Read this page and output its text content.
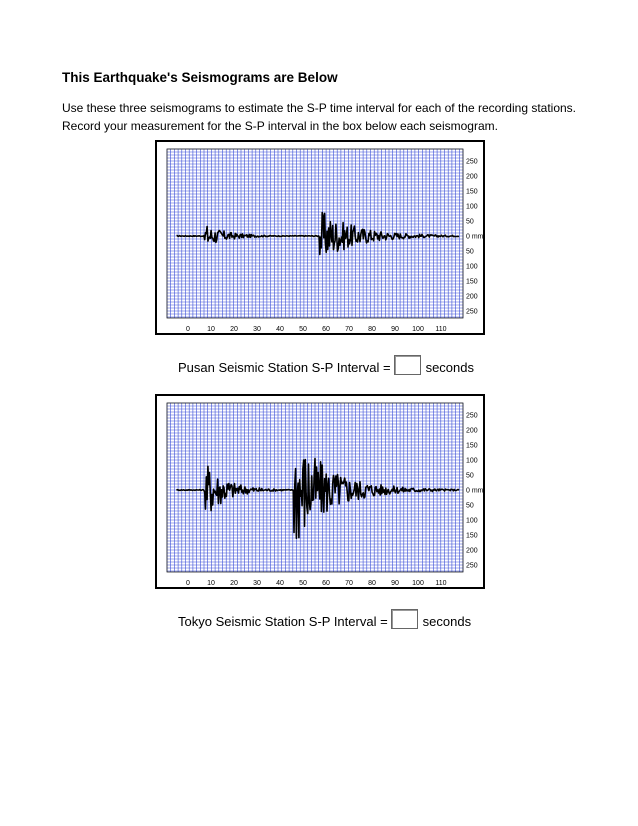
This Earthquake's Seismograms are Below

Use these three seismograms to estimate the S-P time interval for each of the recording stations.
Record your measurement for the S-P interval in the box below each seismogram.

0 10 20 30 40 50 60 70 80 90 100 110
250
200
150
100
50
0 mm
50
100
150
200
250
Pusan Seismic Station S-P Interval =	seconds
0 10 20 30 40 50 60 70 80 90 100 110
250
200
150
100
50
0 mm
50
100
150
200
250
Tokyo Seismic Station S-P Interval =	seconds
